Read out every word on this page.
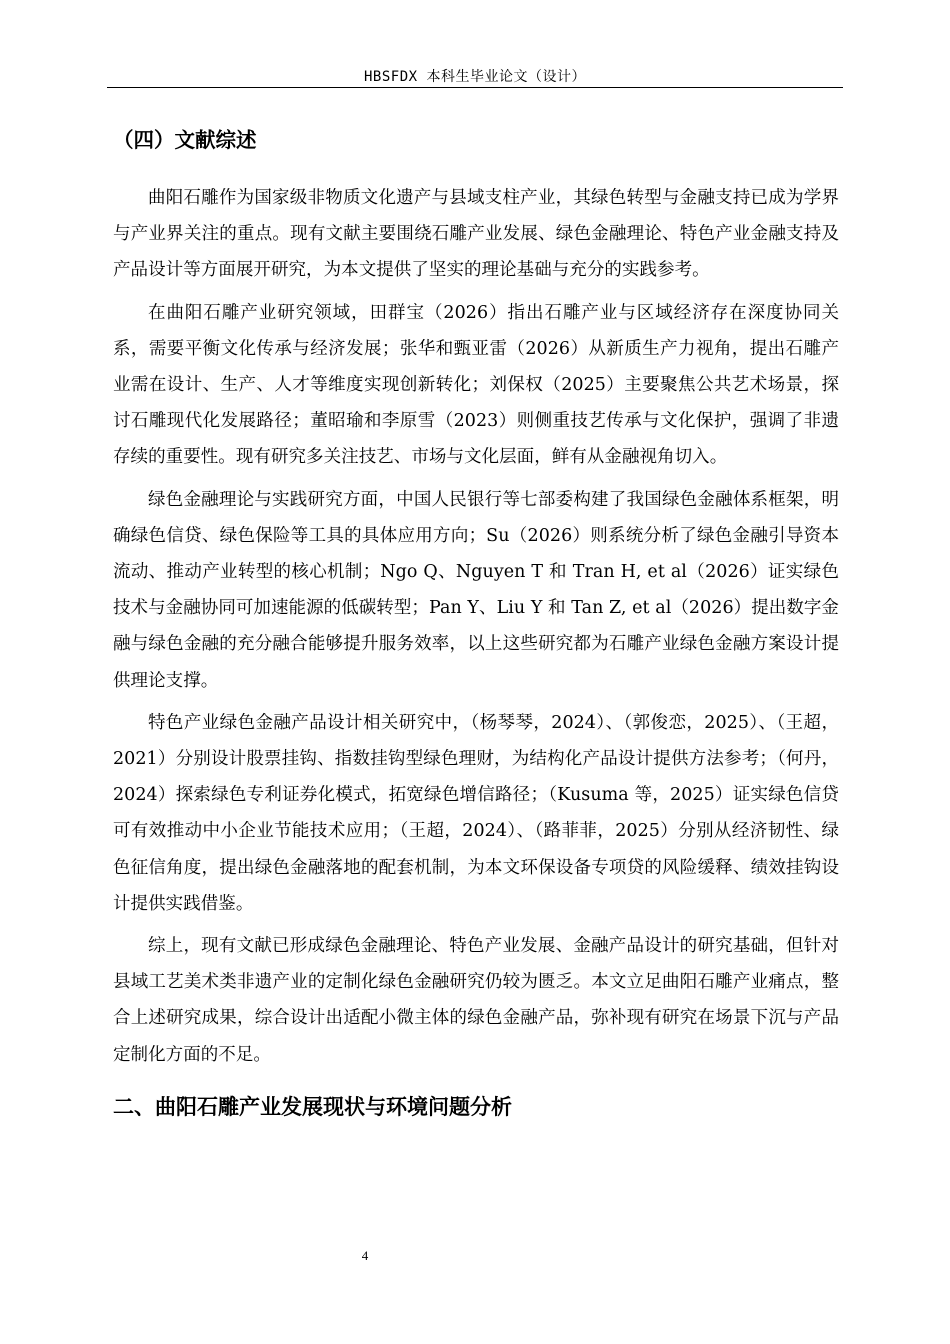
HBSFDX 本科生毕业论文（设计）
（四）文献综述

曲阳石雕作为国家级非物质文化遗产与县域支柱产业，其绿色转型与金融支持已成为学界与产业界关注的重点。现有文献主要围绕石雕产业发展、绿色金融理论、特色产业金融支持及产品设计等方面展开研究，为本文提供了坚实的理论基础与充分的实践参考。

在曲阳石雕产业研究领域，田群宝（2026）指出石雕产业与区域经济存在深度协同关系，需要平衡文化传承与经济发展；张华和甄亚雷（2026）从新质生产力视角，提出石雕产业需在设计、生产、人才等维度实现创新转化；刘保权（2025）主要聚焦公共艺术场景，探讨石雕现代化发展路径；董昭瑜和李原雪（2023）则侧重技艺传承与文化保护，强调了非遗存续的重要性。现有研究多关注技艺、市场与文化层面，鲜有从金融视角切入。

绿色金融理论与实践研究方面，中国人民银行等七部委构建了我国绿色金融体系框架，明确绿色信贷、绿色保险等工具的具体应用方向；Su（2026）则系统分析了绿色金融引导资本流动、推动产业转型的核心机制；Ngo Q、Nguyen T 和 Tran H, et al（2026）证实绿色技术与金融协同可加速能源的低碳转型；Pan Y、Liu Y 和 Tan Z, et al（2026）提出数字金融与绿色金融的充分融合能够提升服务效率，以上这些研究都为石雕产业绿色金融方案设计提供理论支撑。

特色产业绿色金融产品设计相关研究中，（杨琴琴，2024）、（郭俊恋，2025）、（王超，2021）分别设计股票挂钩、指数挂钩型绿色理财，为结构化产品设计提供方法参考；（何丹，2024）探索绿色专利证券化模式，拓宽绿色增信路径；（Kusuma 等，2025）证实绿色信贷可有效推动中小企业节能技术应用；（王超，2024）、（路菲菲，2025）分别从经济韧性、绿色征信角度，提出绿色金融落地的配套机制，为本文环保设备专项贷的风险缓释、绩效挂钩设计提供实践借鉴。

综上，现有文献已形成绿色金融理论、特色产业发展、金融产品设计的研究基础，但针对县域工艺美术类非遗产业的定制化绿色金融研究仍较为匮乏。本文立足曲阳石雕产业痛点，整合上述研究成果，综合设计出适配小微主体的绿色金融产品，弥补现有研究在场景下沉与产品定制化方面的不足。

二、曲阳石雕产业发展现状与环境问题分析
4
